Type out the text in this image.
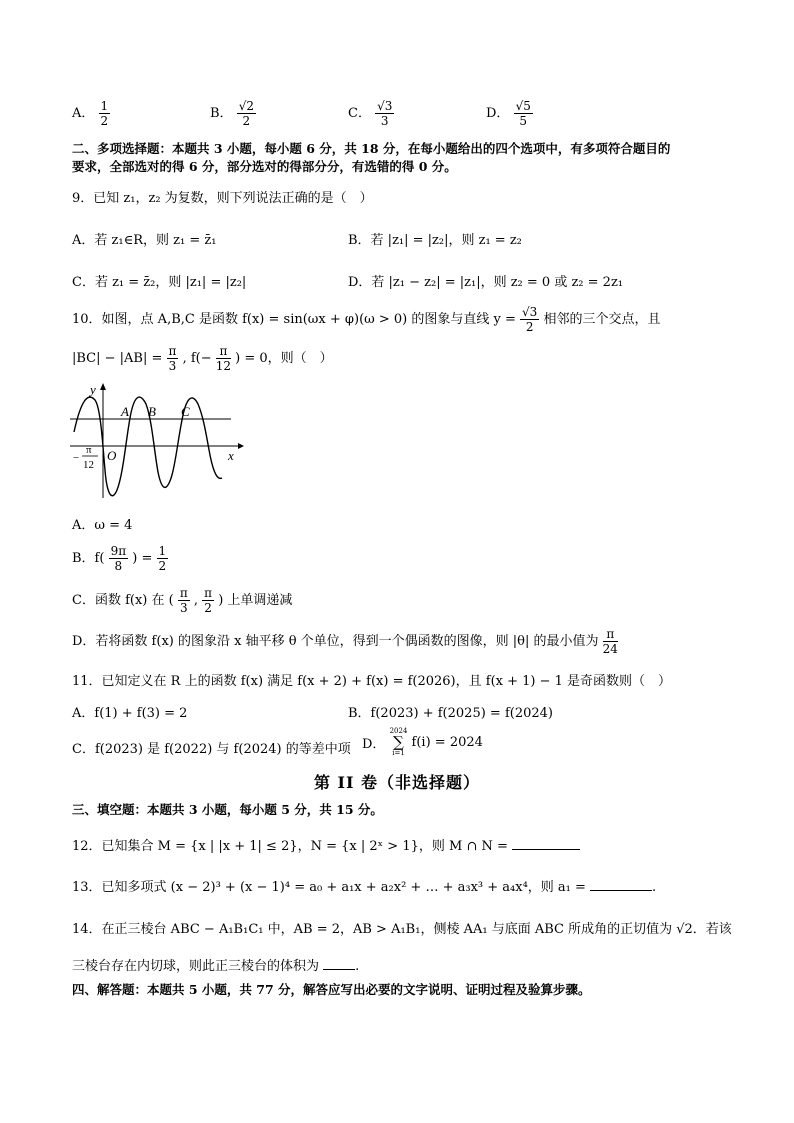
A． $\frac{1}{2}$	B． $\frac{√2}{2}$	C． $\frac{√3}{3}$	D． $\frac{√5}{5}$
二、多项选择题：本题共 3 小题，每小题 6 分，共 18 分，在每小题给出的四个选项中，有多项符合题目的
要求，全部选对的得 6 分，部分选对的得部分分，有选错的得 0 分。
9．已知 z₁，z₂ 为复数，则下列说法正确的是（　）
A．若 z₁∈R，则 z₁ = z̄₁	B．若 |z₁| = |z₂|，则 z₁ = z₂
C．若 z₁ = z̄₂，则 |z₁| = |z₂|	D．若 |z₁ − z₂| = |z₁|，则 z₂ = 0 或 z₂ = 2z₁
10．如图，点 A,B,C 是函数 f(x) = sin(ωx + φ)(ω > 0) 的图象与直线 $y = \frac{√3}{2}$ 相邻的三个交点，且
$|BC| - |AB| = \frac{\pi}{3}$ , $f(- \frac{\pi}{12}$ ) = 0，则（　）
y
x
O
A B C
−
π
12
A．ω = 4
B．$f( \frac{9\pi}{8}$ ) = $\frac{1}{2}$
C．函数 f(x) 在 ( $\frac{\pi}{3}$ , $\frac{\pi}{2}$ ) 上单调递减
D．若将函数 f(x) 的图象沿 x 轴平移 θ 个单位，得到一个偶函数的图像，则 |θ| 的最小值为 $\frac{\pi}{24}$
11．已知定义在 R 上的函数 f(x) 满足 f(x + 2) + f(x) = f(2026)，且 f(x + 1) − 1 是奇函数则（　）
A．f(1) + f(3) = 2	B．f(2023) + f(2025) = f(2024)
C．f(2023) 是 f(2022) 与 f(2024) 的等差中项 D．
2024
∑
i=1
f(i) = 2024
第 II 卷（非选择题）
三、填空题：本题共 3 小题，每小题 5 分，共 15 分。
12．已知集合 M = {x | |x + 1| ≤ 2}，N = {x | 2ˣ > 1}，则 M ∩ N =
13．已知多项式 (x − 2)³ + (x − 1)⁴ = a₀ + a₁x + a₂x² + … + a₃x³ + a₄x⁴，则 a₁ =	.
14．在正三棱台 ABC − A₁B₁C₁ 中，AB = 2，AB > A₁B₁，侧棱 AA₁ 与底面 ABC 所成角的正切值为 √2．若该
三棱台存在内切球，则此正三棱台的体积为	.
四、解答题：本题共 5 小题，共 77 分，解答应写出必要的文字说明、证明过程及验算步骤。
